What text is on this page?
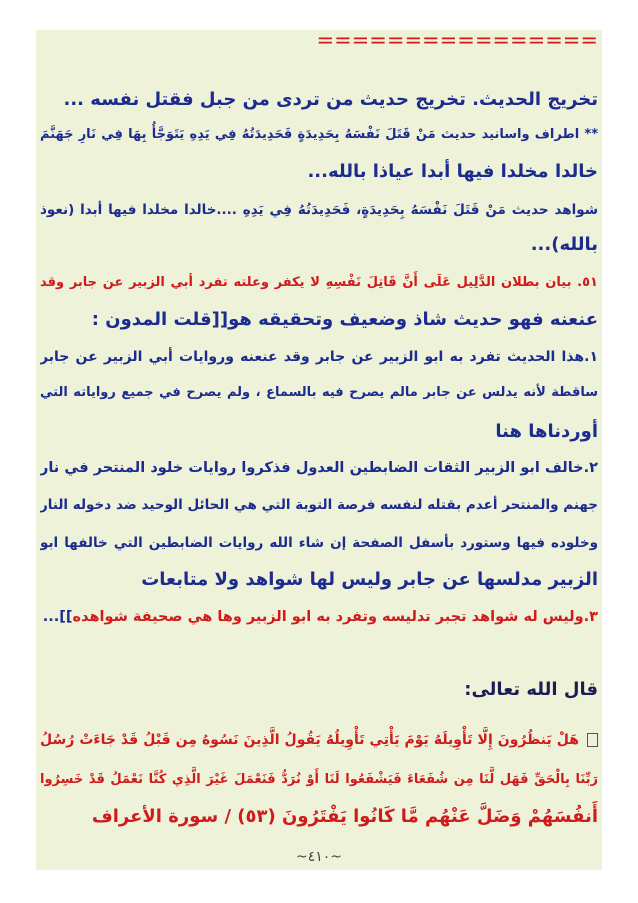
================
تخريج الحديث. تخريج حديث من تردى من جبل فقتل نفسه ...
** اطراف واسانيد حديث مَنْ قَتَلَ نَفْسَهُ بِحَدِيدَةٍ فَحَدِيدَتُهُ فِي يَدِهِ يَتَوَجَّأُ بِهَا فِي نَارِ جَهَنَّمَ
خالدا مخلدا فيها أبدا عياذا بالله...
شواهد حديث مَنْ قَتَلَ نَفْسَهُ بِحَدِيدَةٍ، فَحَدِيدَتُهُ فِي يَدِهِ ....خالدا مخلدا فيها أبدا (نعوذ
بالله)...
٥١. بيان بطلان الدَّلِيل عَلَى أَنَّ قَاتِلَ نَفْسِهِ لا يكفر وعلته تفرد أبي الزبير عن جابر وقد
عنعنه فهو حديث شاذ وضعيف وتحقيقه هو[[قلت المدون :
١.هذا الحديث تفرد به ابو الزبير عن جابر وقد عنعنه وروايات أبي الزبير عن جابر
ساقطة لأنه يدلس عن جابر مالم يصرح فيه بالسماع ، ولم يصرح في جميع رواياته التي
أوردناها هنا
٢.خالف ابو الزبير الثقات الضابطين العدول فذكروا روايات خلود المنتحر في نار
جهنم والمنتحر أعدم بقتله لنفسه فرصة التوبة التي هي الحائل الوحيد ضد دخوله النار
وخلوده فيها وستورد بأسفل الصفحة إن شاء الله روايات الضابطين التي خالفها ابو
الزبير مدلسها عن جابر وليس لها شواهد ولا متابعات
٣.وليس له شواهد تجبر تدليسه وتفرد به ابو الزبير وها هي صحيفة شواهده]]...
قال الله تعالى:
هَلْ يَنظُرُونَ إِلَّا تَأْوِيلَهُ يَوْمَ يَأْتِي تَأْوِيلُهُ يَقُولُ الَّذِينَ نَسُوهُ مِن قَبْلُ قَدْ جَاءَتْ رُسُلُ
رَبِّنَا بِالْحَقِّ فَهَل لَّنَا مِن شُفَعَاءَ فَيَشْفَعُوا لَنَا أَوْ نُرَدُّ فَنَعْمَلَ غَيْرَ الَّذِي كُنَّا نَعْمَلُ قَدْ خَسِرُوا
أَنفُسَهُمْ وَضَلَّ عَنْهُم مَّا كَانُوا يَفْتَرُونَ (٥٣) / سورة الأعراف
~٤١٠~
